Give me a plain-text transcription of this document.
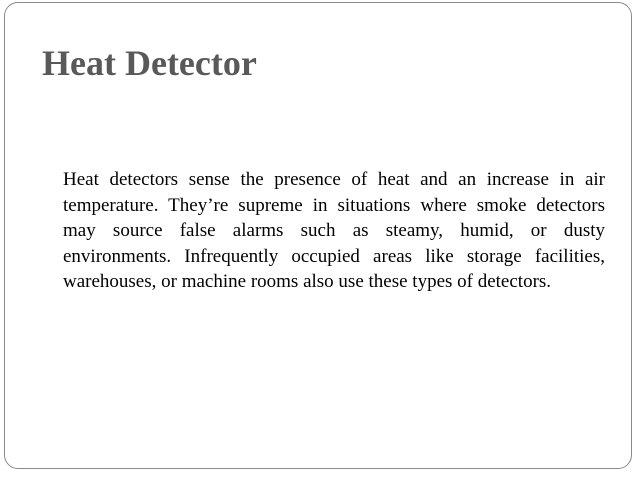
Heat Detector

Heat detectors sense the presence of heat and an increase in air temperature. They’re supreme in situations where smoke detectors may source false alarms such as steamy, humid, or dusty environments. Infrequently occupied areas like storage facilities, warehouses, or machine rooms also use these types of detectors.
